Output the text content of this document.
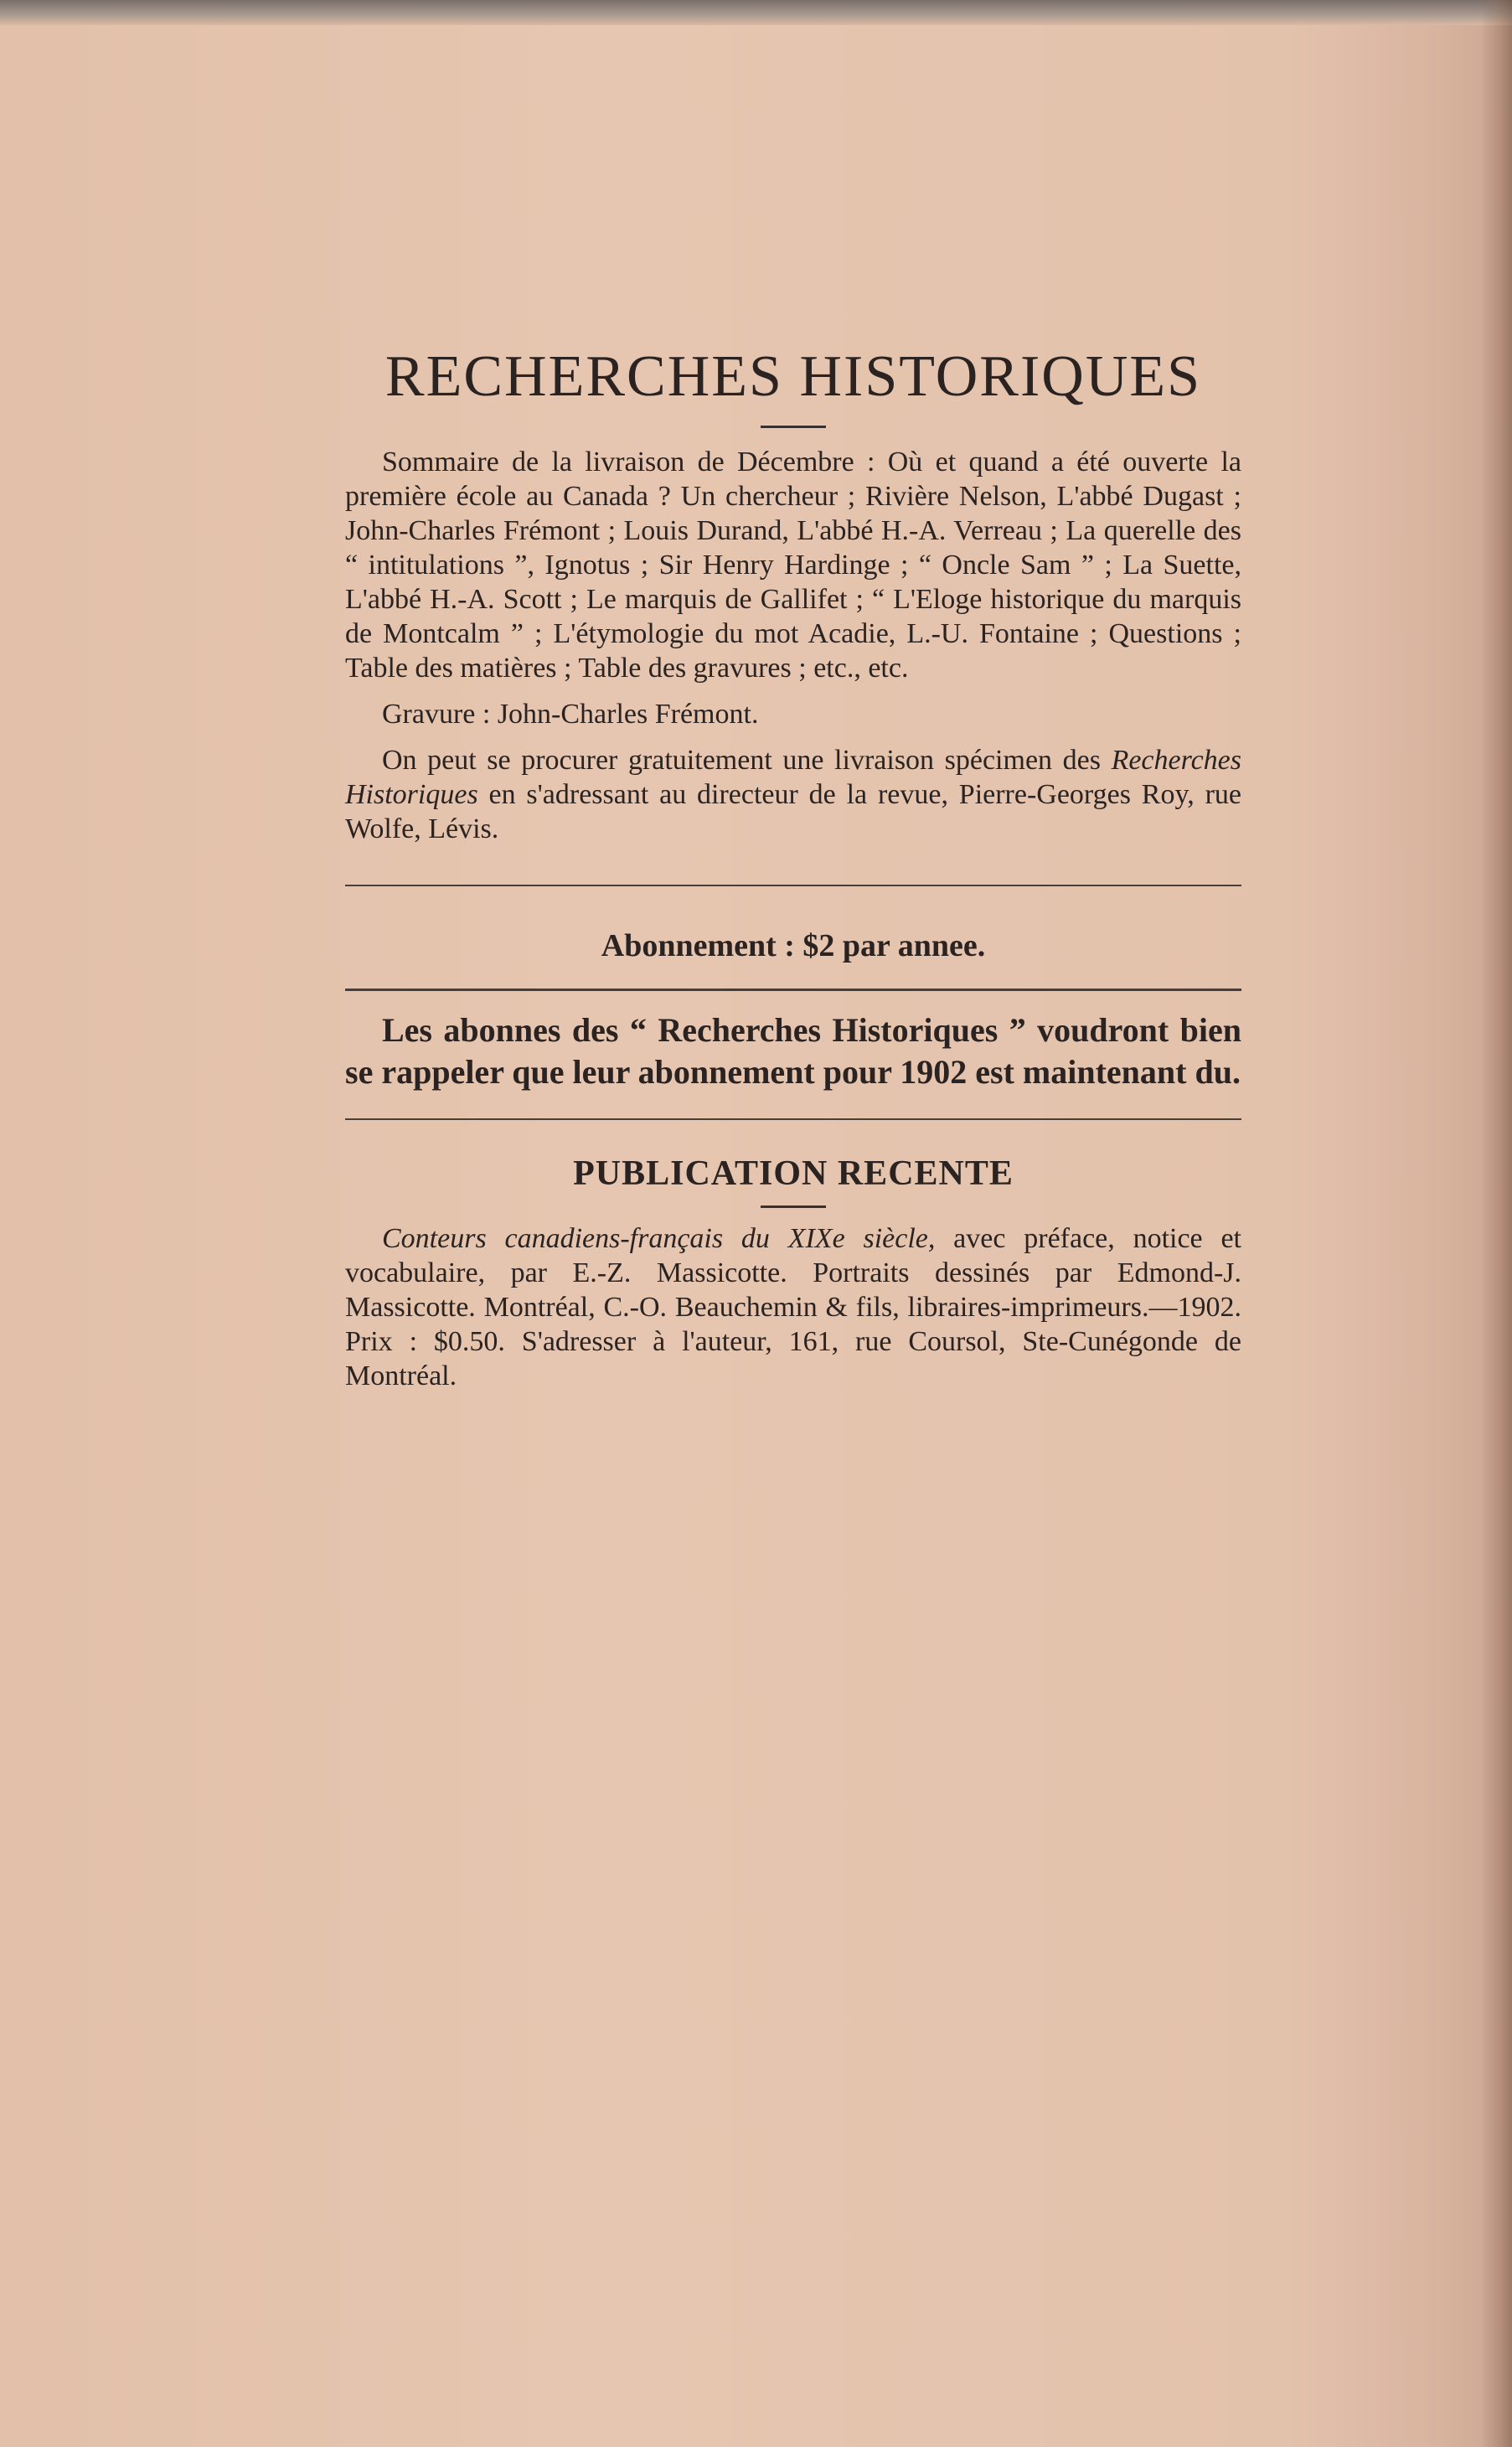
RECHERCHES HISTORIQUES

Sommaire de la livraison de Décembre : Où et quand a été ouverte la première école au Canada ? Un chercheur ; Rivière Nelson, L'abbé Dugast ; John-Charles Frémont ; Louis Durand, L'abbé H.-A. Verreau ; La querelle des “ intitulations ”, Ignotus ; Sir Henry Hardinge ; “ Oncle Sam ” ; La Suette, L'abbé H.-A. Scott ; Le marquis de Gallifet ; “ L'Eloge historique du marquis de Montcalm ” ; L'étymologie du mot Acadie, L.-U. Fontaine ; Questions ; Table des matières ; Table des gravures ; etc., etc.

Gravure : John-Charles Frémont.

On peut se procurer gratuitement une livraison spécimen des Recherches Historiques en s'adressant au directeur de la revue, Pierre-Georges Roy, rue Wolfe, Lévis.

Abonnement : $2 par annee.

Les abonnes des “ Recherches Historiques ” voudront bien se rappeler que leur abonnement pour 1902 est maintenant du.

PUBLICATION RECENTE

Conteurs canadiens-français du XIXe siècle, avec préface, notice et vocabulaire, par E.-Z. Massicotte. Portraits dessinés par Edmond-J. Massicotte. Montréal, C.-O. Beauchemin & fils, libraires-imprimeurs.—1902. Prix : $0.50. S'adresser à l'auteur, 161, rue Coursol, Ste-Cunégonde de Montréal.
